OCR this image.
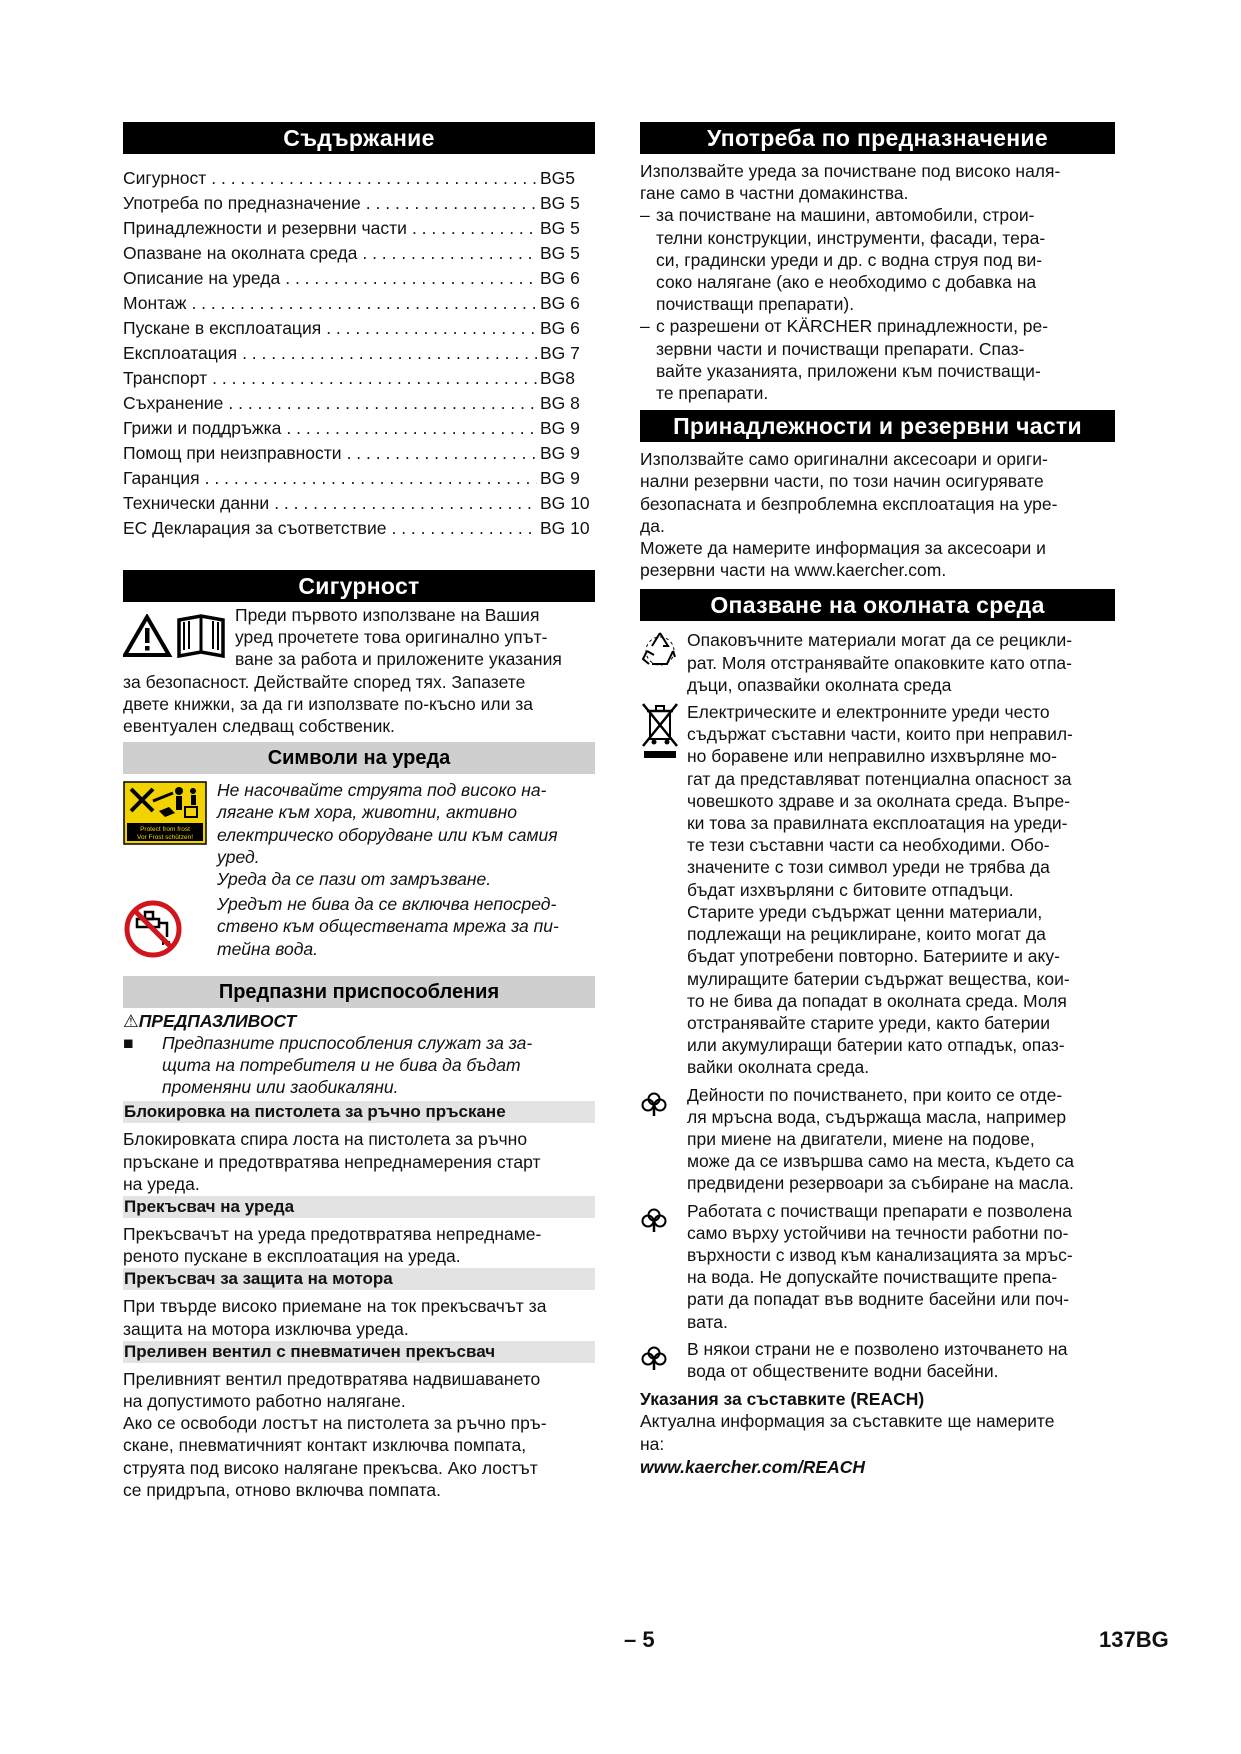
Съдържание
Сигурност . . .	BG5
Употреба по предназначение . . .	BG 5
Принадлежности и резервни части . . .	BG 5
Опазване на околната среда . . .	BG 5
Описание на уреда . . .	BG 6
Монтаж . . .	BG 6
Пускане в експлоатация . . .	BG 6
Експлоатация . . .	BG 7
Транспорт . . .	BG8
Съхранение . . .	BG 8
Грижи и поддръжка . . .	BG 9
Помощ при неизправности . . .	BG 9
Гаранция . . .	BG 9
Технически данни . . .	BG 10
ЕС Декларация за съответствие . . .	BG 10
Сигурност

Преди първото използване на Вашия

уред прочетете това оригинално упът-

ване за работа и приложените указания

за безопасност. Действайте според тях. Запазете

двете книжки, за да ги използвате по-късно или за

евентуален следващ собственик.

Символи на уреда
Protect from frost
Vor Frost schützen!

Не насочвайте струята под високо на-

лягане към хора, животни, активно

електрическо оборудване или към самия

уред.

Уреда да се пази от замръзване.

Уредът не бива да се включва непосред-

ствено към обществената мрежа за пи-

тейна вода.

Предпазни приспособления
⚠ПРЕДПАЗЛИВОСТ
■	Предпазните приспособления служат за за-
щита на потребителя и не бива да бъдат
променяни или заобикаляни.
Блокировка на пистолета за ръчно пръскане

Блокировката спира лоста на пистолета за ръчно

пръскане и предотвратява непреднамерения старт

на уреда.

Прекъсвач на уреда

Прекъсвачът на уреда предотвратява непреднаме-

реното пускане в експлоатация на уреда.

Прекъсвач за защита на мотора

При твърде високо приемане на ток прекъсвачът за

защита на мотора изключва уреда.

Преливен вентил с пневматичен прекъсвач

Преливният вентил предотвратява надвишаването

на допустимото работно налягане.

Ако се освободи лостът на пистолета за ръчно пръ-

скане, пневматичният контакт изключва помпата,

струята под високо налягане прекъсва. Ако лостът

се придръпа, отново включва помпата.

Употреба по предназначение

Използвайте уреда за почистване под високо наля-

гане само в частни домакинства.

– за почистване на машини, автомобили, строи-
телни конструкции, инструменти, фасади, тера-
си, градински уреди и др. с водна струя под ви-
соко налягане (ако е необходимо с добавка на
почистващи препарати).
– с разрешени от KÄRCHER принадлежности, ре-
зервни части и почистващи препарати. Спаз-
вайте указанията, приложени към почистващи-
те препарати.
Принадлежности и резервни части

Използвайте само оригинални аксесоари и ориги-

нални резервни части, по този начин осигурявате

безопасната и безпроблемна експлоатация на уре-

да.

Можете да намерите информация за аксесоари и

резервни части на www.kaercher.com.

Опазване на околната среда

Опаковъчните материали могат да се рецикли-

рат. Моля отстранявайте опаковките като отпа-

дъци, опазвайки околната среда

Електрическите и електронните уреди често

съдържат съставни части, които при неправил-

но боравене или неправилно изхвърляне мо-

гат да представляват потенциална опасност за

човешкото здраве и за околната среда. Въпре-

ки това за правилната експлоатация на уреди-

те тези съставни части са необходими. Обо-

значените с този символ уреди не трябва да

бъдат изхвърляни с битовите отпадъци.

Старите уреди съдържат ценни материали,

подлежащи на рециклиране, които могат да

бъдат употребени повторно. Батериите и аку-

мулиращите батерии съдържат вещества, кои-

то не бива да попадат в околната среда. Моля

отстранявайте старите уреди, както батерии

или акумулиращи батерии като отпадък, опаз-

вайки околната среда.

Дейности по почистването, при които се отде-

ля мръсна вода, съдържаща масла, например

при миене на двигатели, миене на подове,

може да се извършва само на места, където са

предвидени резервоари за събиране на масла.

Работата с почистващи препарати е позволена

само върху устойчиви на течности работни по-

върхности с извод към канализацията за мръс-

на вода. Не допускайте почистващите препа-

рати да попадат във водните басейни или поч-

вата.

В някои страни не е позволено източването на

вода от обществените водни басейни.

Указания за съставките (REACH)

Актуална информация за съставките ще намерите

на:

www.kaercher.com/REACH

– 5	137BG
